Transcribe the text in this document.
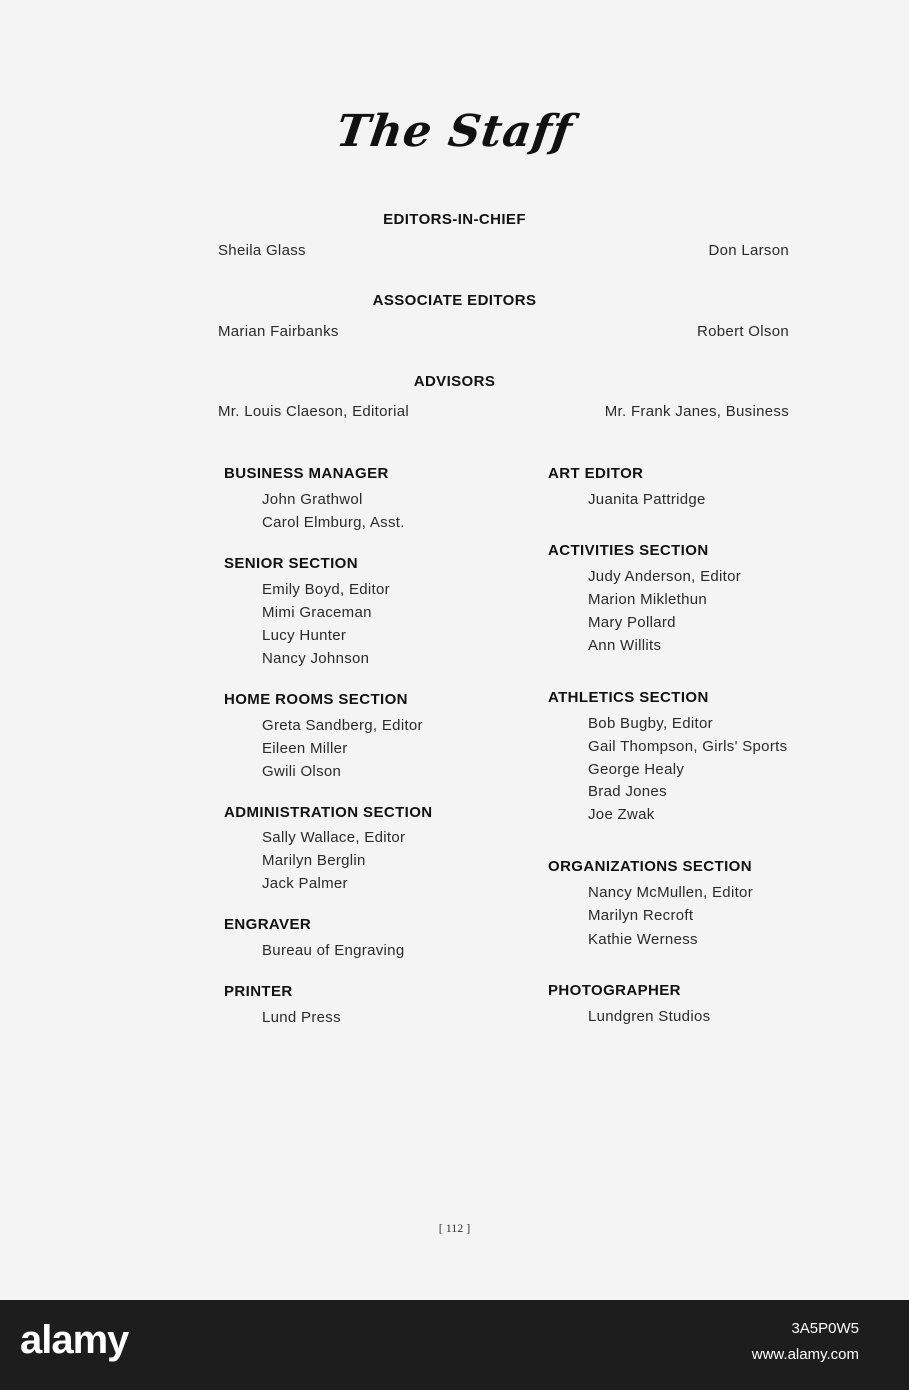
The Staff
EDITORS-IN-CHIEF
Sheila Glass	Don Larson
ASSOCIATE EDITORS
Marian Fairbanks	Robert Olson
ADVISORS
Mr. Louis Claeson, Editorial	Mr. Frank Janes, Business
BUSINESS MANAGER
John Grathwol
Carol Elmburg, Asst.
SENIOR SECTION
Emily Boyd, Editor
Mimi Graceman
Lucy Hunter
Nancy Johnson
HOME ROOMS SECTION
Greta Sandberg, Editor
Eileen Miller
Gwili Olson
ADMINISTRATION SECTION
Sally Wallace, Editor
Marilyn Berglin
Jack Palmer
ENGRAVER
Bureau of Engraving
PRINTER
Lund Press
ART EDITOR
Juanita Pattridge
ACTIVITIES SECTION
Judy Anderson, Editor
Marion Miklethun
Mary Pollard
Ann Willits
ATHLETICS SECTION
Bob Bugby, Editor
Gail Thompson, Girls' Sports
George Healy
Brad Jones
Joe Zwak
ORGANIZATIONS SECTION
Nancy McMullen, Editor
Marilyn Recroft
Kathie Werness
PHOTOGRAPHER
Lundgren Studios
[ 112 ]
alamy	3A5P0W5
www.alamy.com
